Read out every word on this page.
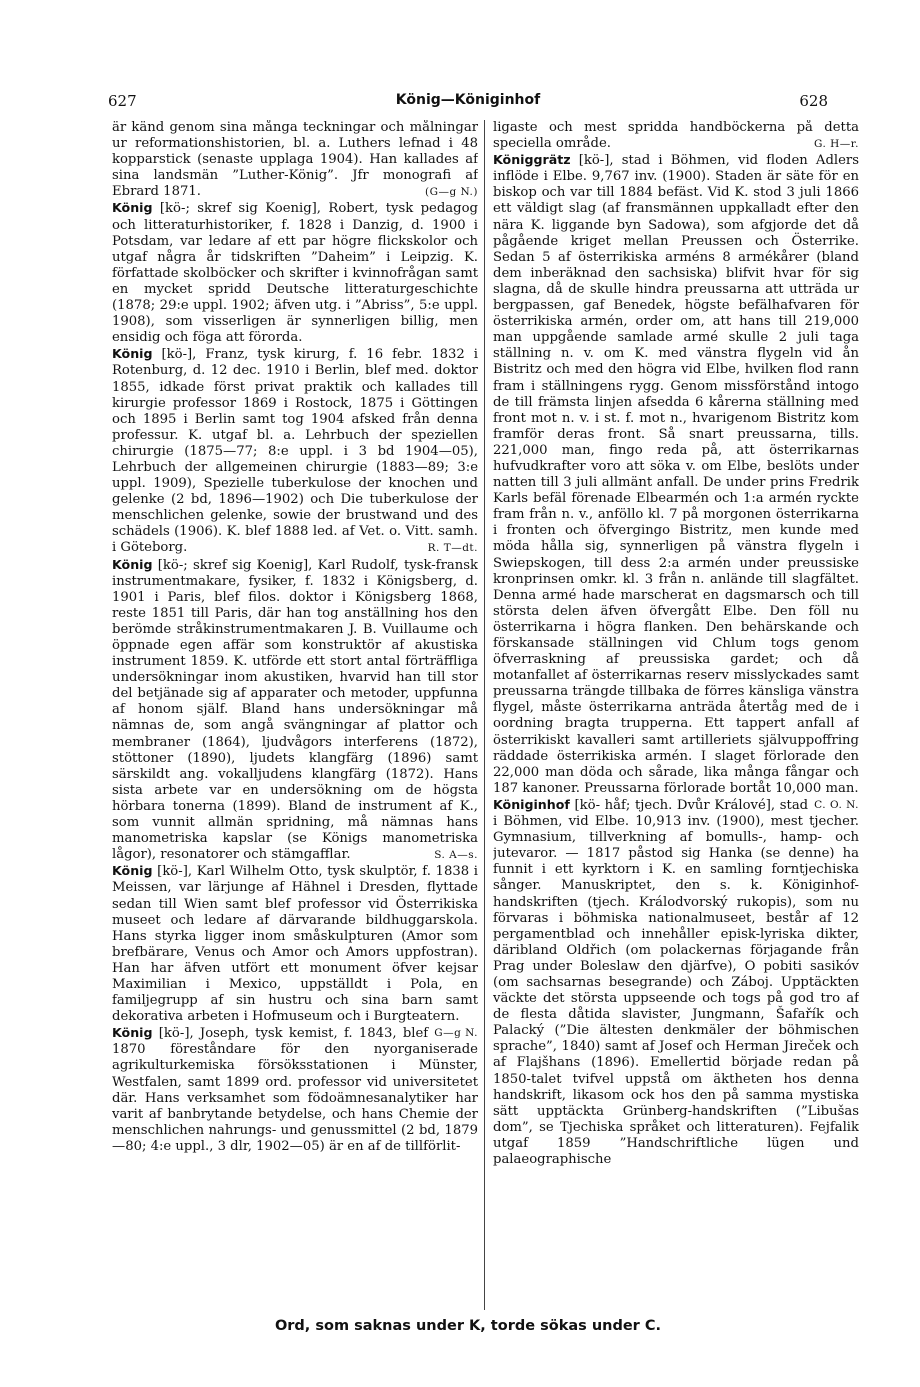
627	König—Königinhof	628

är känd genom sina många teckningar och målningar ur reformationshistorien, bl. a. Luthers lefnad i 48 kopparstick (senaste upplaga 1904). Han kallades af sina landsmän ”Luther-König”. Jfr monografi af Ebrard 1871.	(G—g N.)

König [kö-; skref sig Koenig], Robert, tysk pedagog och litteraturhistoriker, f. 1828 i Danzig, d. 1900 i Potsdam, var ledare af ett par högre flickskolor och utgaf några år tidskriften ”Daheim” i Leipzig. K. författade skolböcker och skrifter i kvinnofrågan samt en mycket spridd Deutsche litteraturgeschichte (1878; 29:e uppl. 1902; äfven utg. i ”Abriss”, 5:e uppl. 1908), som visserligen är synnerligen billig, men ensidig och föga att förorda.

König [kö-], Franz, tysk kirurg, f. 16 febr. 1832 i Rotenburg, d. 12 dec. 1910 i Berlin, blef med. doktor 1855, idkade först privat praktik och kallades till kirurgie professor 1869 i Rostock, 1875 i Göttingen och 1895 i Berlin samt tog 1904 afsked från denna professur. K. utgaf bl. a. Lehrbuch der speziellen chirurgie (1875—77; 8:e uppl. i 3 bd 1904—05), Lehrbuch der allgemeinen chirurgie (1883—89; 3:e uppl. 1909), Spezielle tuberkulose der knochen und gelenke (2 bd, 1896—1902) och Die tuberkulose der menschlichen gelenke, sowie der brustwand und des schädels (1906). K. blef 1888 led. af Vet. o. Vitt. samh. i Göteborg.	R. T—dt.

König [kö-; skref sig Koenig], Karl Rudolf, tysk-fransk instrumentmakare, fysiker, f. 1832 i Königsberg, d. 1901 i Paris, blef filos. doktor i Königsberg 1868, reste 1851 till Paris, där han tog anställning hos den berömde stråkinstrumentmakaren J. B. Vuillaume och öppnade egen affär som konstruktör af akustiska instrument 1859. K. utförde ett stort antal förträffliga undersökningar inom akustiken, hvarvid han till stor del betjänade sig af apparater och metoder, uppfunna af honom själf. Bland hans undersökningar må nämnas de, som angå svängningar af plattor och membraner (1864), ljudvågors interferens (1872), stöttoner (1890), ljudets klangfärg (1896) samt särskildt ang. vokalljudens klangfärg (1872). Hans sista arbete var en undersökning om de högsta hörbara tonerna (1899). Bland de instrument af K., som vunnit allmän spridning, må nämnas hans manometriska kapslar (se Königs manometriska lågor), resonatorer och stämgafflar.	S. A—s.

König [kö-], Karl Wilhelm Otto, tysk skulptör, f. 1838 i Meissen, var lärjunge af Hähnel i Dresden, flyttade sedan till Wien samt blef professor vid Österrikiska museet och ledare af därvarande bildhuggarskola. Hans styrka ligger inom småskulpturen (Amor som brefbärare, Venus och Amor och Amors uppfostran). Han har äfven utfört ett monument öfver kejsar Maximilian i Mexico, uppställdt i Pola, en familjegrupp af sin hustru och sina barn samt dekorativa arbeten i Hofmuseum och i Burgteatern.
G—g N.

König [kö-], Joseph, tysk kemist, f. 1843, blef 1870 föreståndare för den nyorganiserade agrikulturkemiska försöksstationen i Münster, Westfalen, samt 1899 ord. professor vid universitetet där. Hans verksamhet som födoämnesanalytiker har varit af banbrytande betydelse, och hans Chemie der menschlichen nahrungs- und genussmittel (2 bd, 1879—80; 4:e uppl., 3 dlr, 1902—05) är en af de tillförlit-

ligaste och mest spridda handböckerna på detta speciella område.	G. H—r.

Königgrätz [kö-], stad i Böhmen, vid floden Adlers inflöde i Elbe. 9,767 inv. (1900). Staden är säte för en biskop och var till 1884 befäst. Vid K. stod 3 juli 1866 ett väldigt slag (af fransmännen uppkalladt efter den nära K. liggande byn Sadowa), som afgjorde det då pågående kriget mellan Preussen och Österrike. Sedan 5 af österrikiska arméns 8 armékårer (bland dem inberäknad den sachsiska) blifvit hvar för sig slagna, då de skulle hindra preussarna att utträda ur bergpassen, gaf Benedek, högste befälhafvaren för österrikiska armén, order om, att hans till 219,000 man uppgående samlade armé skulle 2 juli taga ställning n. v. om K. med vänstra flygeln vid ån Bistritz och med den högra vid Elbe, hvilken flod rann fram i ställningens rygg. Genom missförstånd intogo de till främsta linjen afsedda 6 kårerna ställning med front mot n. v. i st. f. mot n., hvarigenom Bistritz kom framför deras front. Så snart preussarna, tills. 221,000 man, fingo reda på, att österrikarnas hufvudkrafter voro att söka v. om Elbe, beslöts under natten till 3 juli allmänt anfall. De under prins Fredrik Karls befäl förenade Elbearmén och 1:a armén ryckte fram från n. v., anföllo kl. 7 på morgonen österrikarna i fronten och öfvergingo Bistritz, men kunde med möda hålla sig, synnerligen på vänstra flygeln i Swiepskogen, till dess 2:a armén under preussiske kronprinsen omkr. kl. 3 från n. anlände till slagfältet. Denna armé hade marscherat en dagsmarsch och till största delen äfven öfvergått Elbe. Den föll nu österrikarna i högra flanken. Den behärskande och förskansade ställningen vid Chlum togs genom öfverraskning af preussiska gardet; och då motanfallet af österrikarnas reserv misslyckades samt preussarna trängde tillbaka de förres känsliga vänstra flygel, måste österrikarna anträda återtåg med de i oordning bragta trupperna. Ett tappert anfall af österrikiskt kavalleri samt artilleriets självuppoffring räddade österrikiska armén. I slaget förlorade den 22,000 man döda och sårade, lika många fångar och 187 kanoner. Preussarna förlorade bortåt 10,000 man.
C. O. N.

Königinhof [kö- håf; tjech. Dvůr Králové], stad i Böhmen, vid Elbe. 10,913 inv. (1900), mest tjecher. Gymnasium, tillverkning af bomulls-, hamp- och jutevaror. — 1817 påstod sig Hanka (se denne) ha funnit i ett kyrktorn i K. en samling forntjechiska sånger. Manuskriptet, den s. k. Königinhof-handskriften (tjech. Králodvorský rukopis), som nu förvaras i böhmiska nationalmuseet, består af 12 pergamentblad och innehåller episk-lyriska dikter, däribland Oldřich (om polackernas förjagande från Prag under Boleslaw den djärfve), O pobiti sasikóv (om sachsarnas besegrande) och Záboj. Upptäckten väckte det största uppseende och togs på god tro af de flesta dåtida slavister, Jungmann, Šafařík och Palacký (”Die ältesten denkmäler der böhmischen sprache”, 1840) samt af Josef och Herman Jireček och af Flajšhans (1896). Emellertid började redan på 1850-talet tvifvel uppstå om äktheten hos denna handskrift, likasom ock hos den på samma mystiska sätt upptäckta Grünberg-handskriften (”Libušas dom”, se Tjechiska språket och litteraturen). Fejfalik utgaf 1859 ”Handschriftliche lügen und palaeographische

Ord, som saknas under K, torde sökas under C.
